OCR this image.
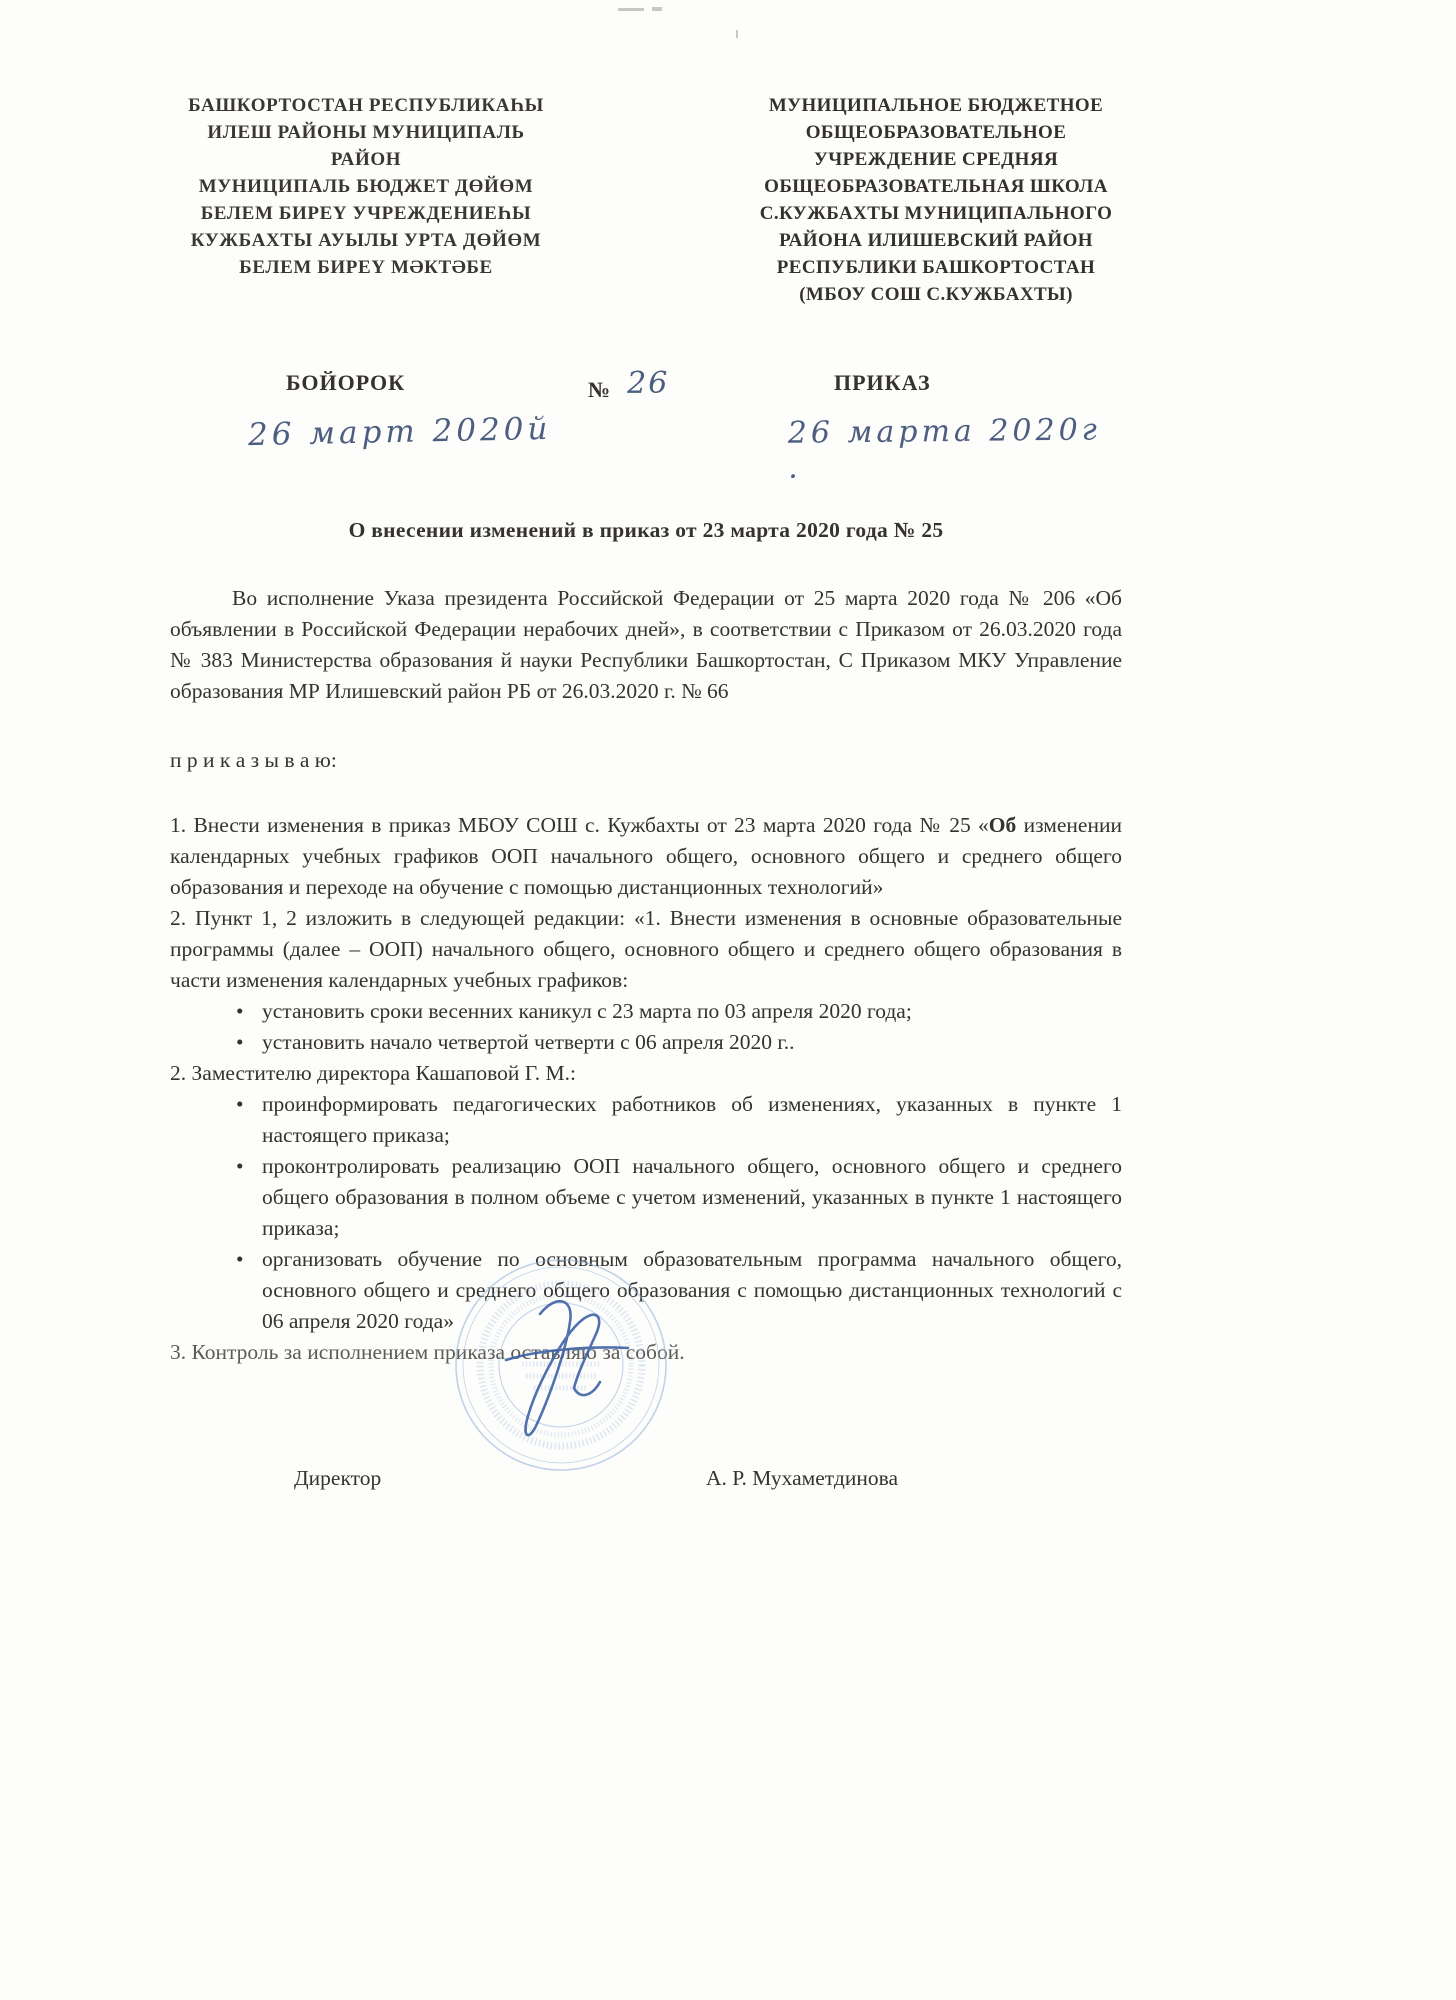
БАШКОРТОСТАН РЕСПУБЛИКАҺЫ
ИЛЕШ РАЙОНЫ МУНИЦИПАЛЬ РАЙОН
МУНИЦИПАЛЬ БЮДЖЕТ ДӨЙӨМ
БЕЛЕМ БИРЕҮ УЧРЕЖДЕНИЕҺЫ
КУЖБАХТЫ АУЫЛЫ УРТА ДӨЙӨМ
БЕЛЕМ БИРЕҮ МӘКТӘБЕ
МУНИЦИПАЛЬНОЕ БЮДЖЕТНОЕ
ОБЩЕОБРАЗОВАТЕЛЬНОЕ
УЧРЕЖДЕНИЕ СРЕДНЯЯ
ОБЩЕОБРАЗОВАТЕЛЬНАЯ ШКОЛА
С.КУЖБАХТЫ МУНИЦИПАЛЬНОГО
РАЙОНА ИЛИШЕВСКИЙ РАЙОН
РЕСПУБЛИКИ БАШКОРТОСТАН
(МБОУ СОШ С.КУЖБАХТЫ)
БОЙОРОК	№ 26	ПРИКАЗ
26 март 2020й	26 марта 2020г .
О внесении изменений в приказ от 23 марта 2020 года № 25

Во исполнение Указа президента Российской Федерации от 25 марта 2020 года № 206 «Об объявлении в Российской Федерации нерабочих дней», в соответствии с Приказом от 26.03.2020 года № 383 Министерства образования й науки Республики Башкортостан, С Приказом МКУ Управление образования МР Илишевский район РБ от 26.03.2020 г. № 66

п р и к а з ы в а ю:

1. Внести изменения в приказ МБОУ СОШ с. Кужбахты от 23 марта 2020 года № 25 «Об изменении календарных учебных графиков ООП начального общего, основного общего и среднего общего образования и переходе на обучение с помощью дистанционных технологий»

2. Пункт 1, 2 изложить в следующей редакции: «1. Внести изменения в основные образовательные программы (далее – ООП) начального общего, основного общего и среднего общего образования в части изменения календарных учебных графиков:

• установить сроки весенних каникул с 23 марта по 03 апреля 2020 года;
• установить начало четвертой четверти с 06 апреля 2020 г..

2. Заместителю директора Кашаповой Г. М.:

• проинформировать педагогических работников об изменениях, указанных в пункте 1 настоящего приказа;
• проконтролировать реализацию ООП начального общего, основного общего и среднего общего образования в полном объеме с учетом изменений, указанных в пункте 1 настоящего приказа;
• организовать обучение по основным образовательным программа начального общего, основного общего и среднего общего образования с помощью дистанционных технологий с 06 апреля 2020 года»

3. Контроль за исполнением приказа оставляю за собой.

Директор	А. Р. Мухаметдинова
